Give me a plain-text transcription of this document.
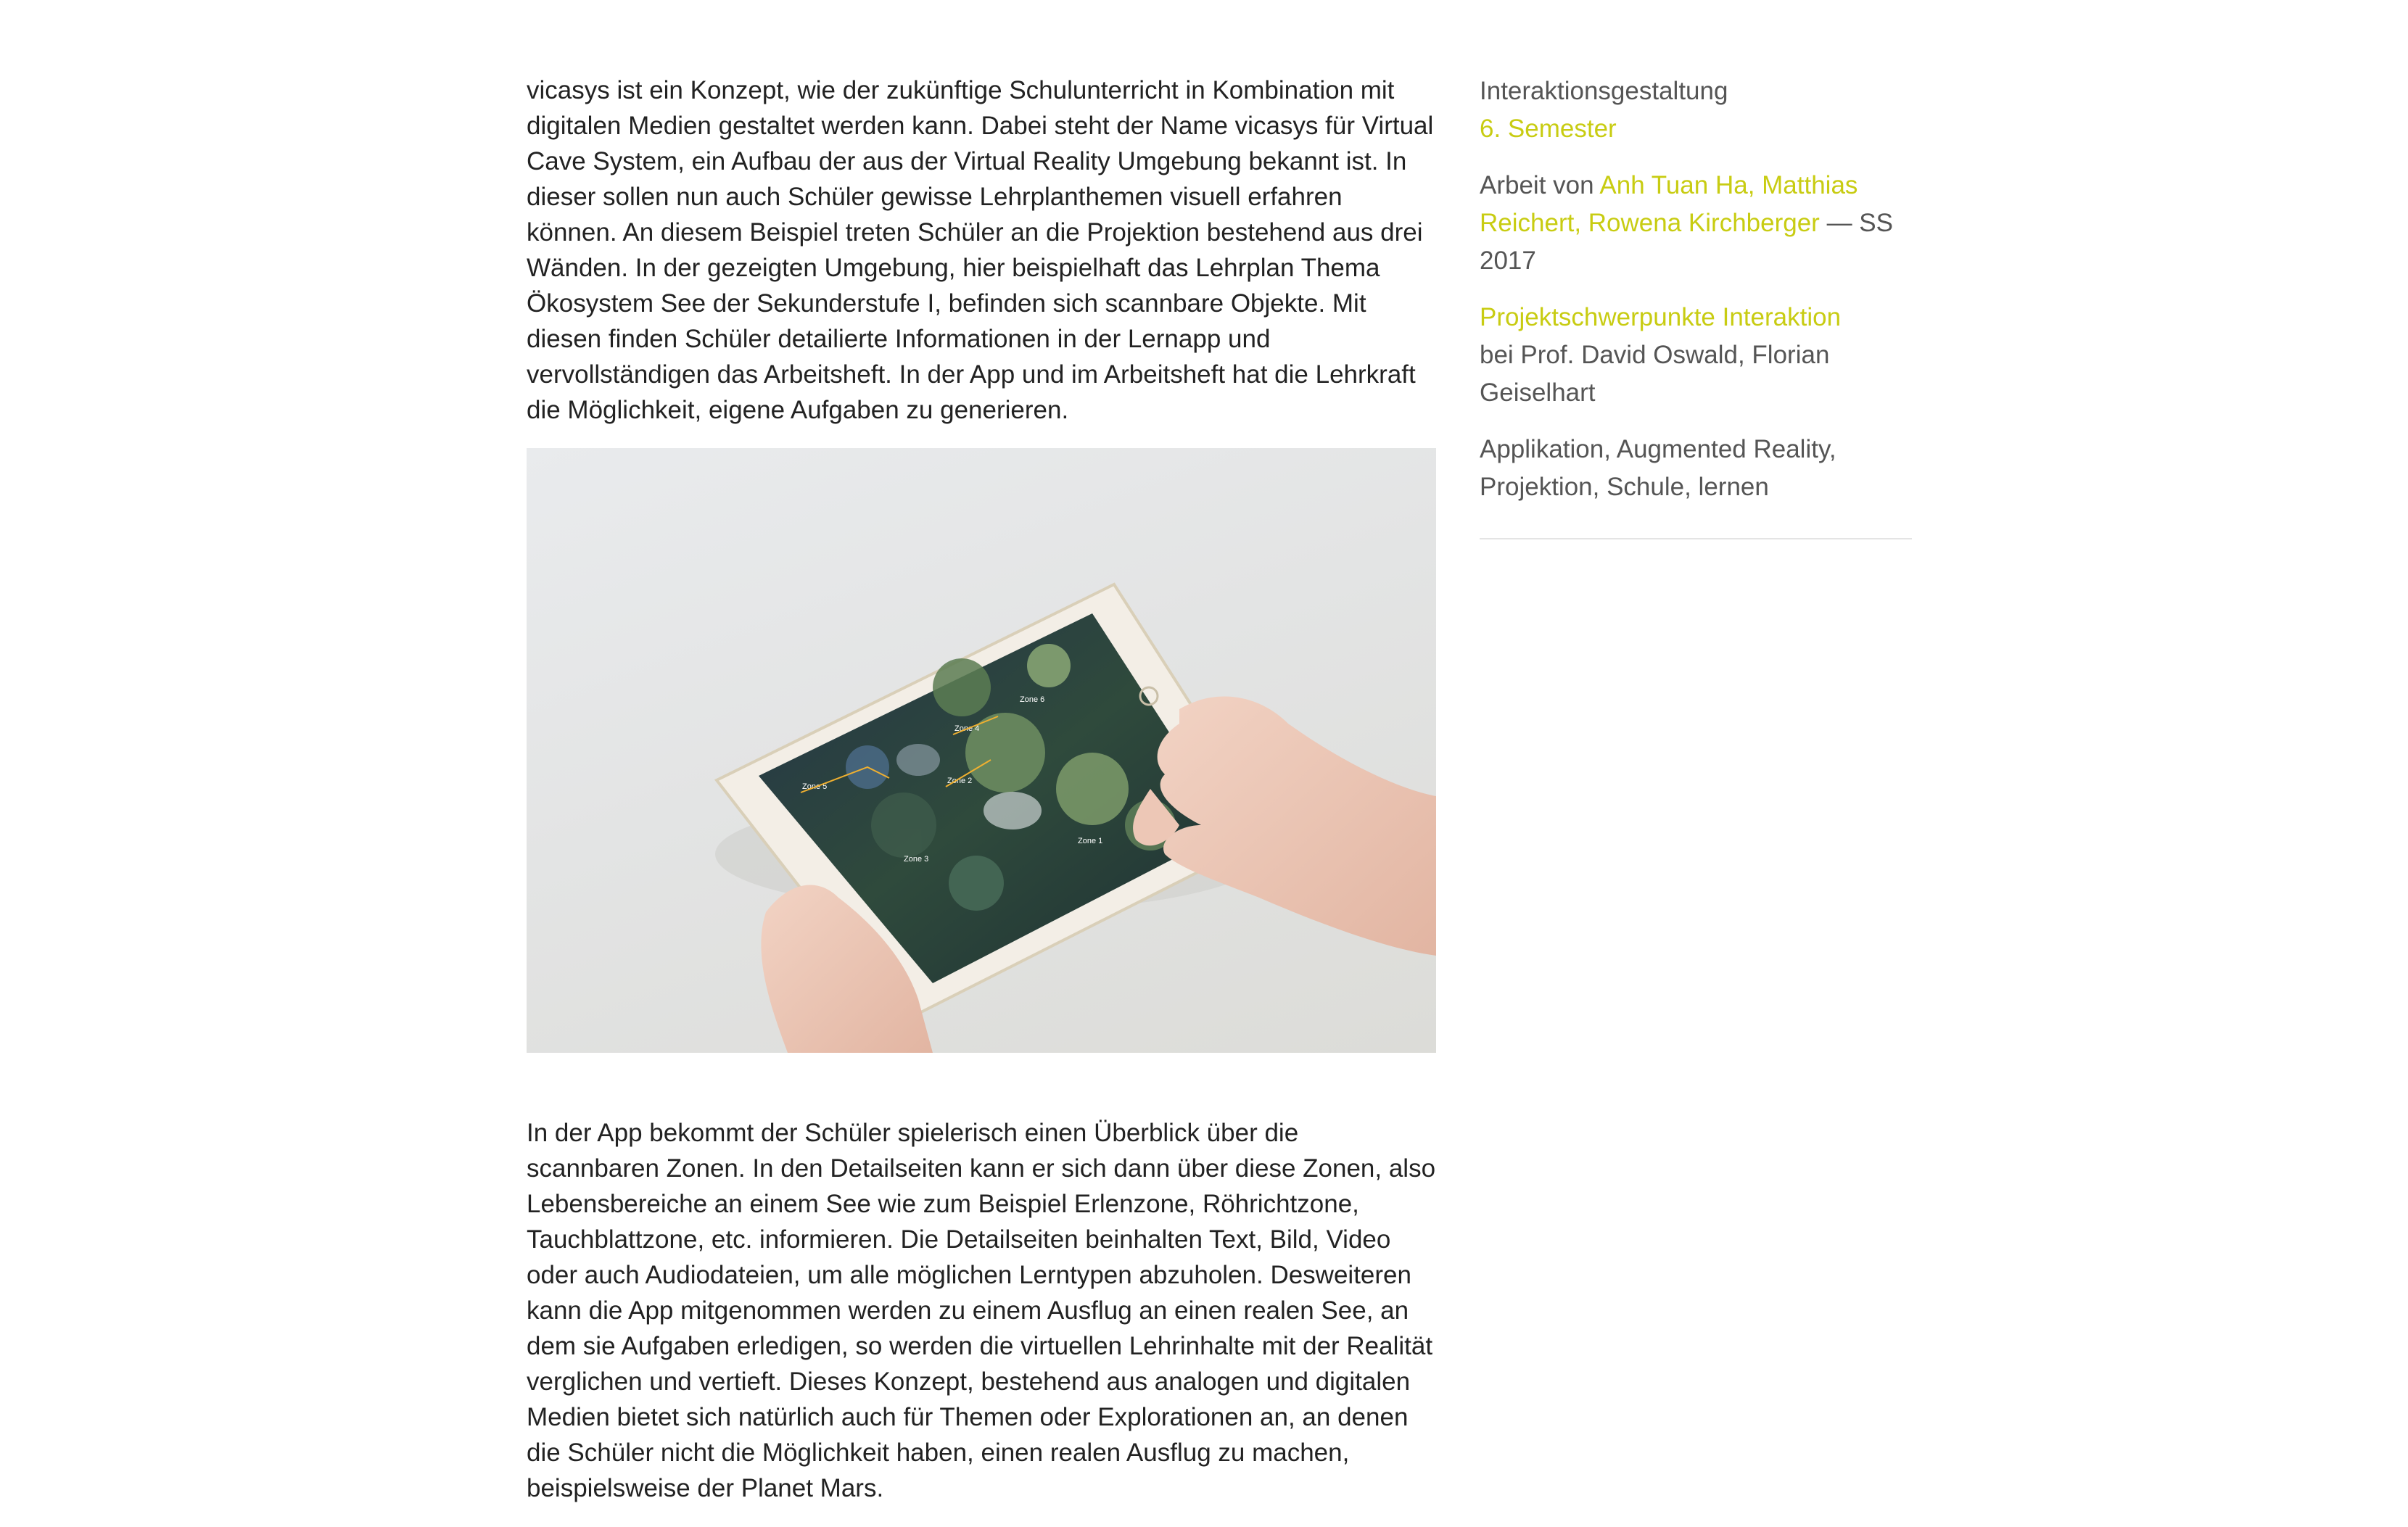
vicasys ist ein Konzept, wie der zukünftige Schulunterricht in Kombination mit digitalen Medien gestaltet werden kann. Dabei steht der Name vicasys für Virtual Cave System, ein Aufbau der aus der Virtual Reality Umgebung bekannt ist. In dieser sollen nun auch Schüler gewisse Lehrplanthemen visuell erfahren können. An diesem Beispiel treten Schüler an die Projektion bestehend aus drei Wänden. In der gezeigten Umgebung, hier beispielhaft das Lehrplan Thema Ökosystem See der Sekunderstufe I, befinden sich scannbare Objekte. Mit diesen finden Schüler detailierte Informationen in der Lernapp und vervollständigen das Arbeitsheft. In der App und im Arbeitsheft hat die Lehrkraft die Möglichkeit, eigene Aufgaben zu generieren.

Zone 5
Zone 2
Zone 4
Zone 3
Zone 1
Zone 6

In der App bekommt der Schüler spielerisch einen Überblick über die scannbaren Zonen. In den Detailseiten kann er sich dann über diese Zonen, also Lebensbereiche an einem See wie zum Beispiel Erlenzone, Röhrichtzone, Tauchblattzone, etc. informieren. Die Detailseiten beinhalten Text, Bild, Video oder auch Audiodateien, um alle möglichen Lerntypen abzuholen. Desweiteren kann die App mitgenommen werden zu einem Ausflug an einen realen See, an dem sie Aufgaben erledigen, so werden die virtuellen Lehrinhalte mit der Realität verglichen und vertieft. Dieses Konzept, bestehend aus analogen und digitalen Medien bietet sich natürlich auch für Themen oder Explorationen an, an denen die Schüler nicht die Möglichkeit haben, einen realen Ausflug zu machen, beispielsweise der Planet Mars.

Interaktionsgestaltung
6. Semester
Arbeit von Anh Tuan Ha, Matthias Reichert, Rowena Kirchberger — SS 2017
Projektschwerpunkte Interaktion
bei Prof. David Oswald, Florian Geiselhart
Applikation, Augmented Reality, Projektion, Schule, lernen
